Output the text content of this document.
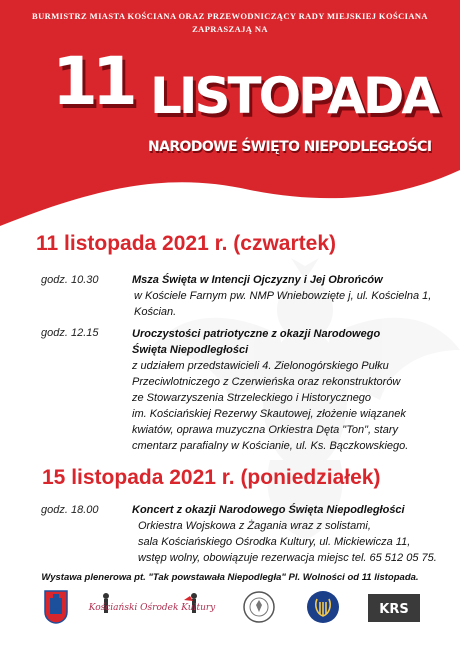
BURMISTRZ MIASTA KOŚCIANA ORAZ PRZEWODNICZĄCY RADY MIEJSKIEJ KOŚCIANA
ZAPRASZAJĄ NA
11 LISTOPADA
NARODOWE ŚWIĘTO NIEPODLEGŁOŚCI
11 listopada 2021 r. (czwartek)
godz. 10.30	Msza Święta w Intencji Ojczyzny i Jej Obrońców
w Kościele Farnym pw. NMP Wniebowzięte j, ul. Kościelna 1,
Kościan.
godz. 12.15	Uroczystości patriotyczne z okazji Narodowego
Święta Niepodległości
z udziałem przedstawicieli 4. Zielonogórskiego Pułku
Przeciwlotniczego z Czerwieńska oraz rekonstruktorów
ze Stowarzyszenia Strzeleckiego i Historycznego
im. Kościańskiej Rezerwy Skautowej, złożenie wiązanek
kwiatów, oprawa muzyczna Orkiestra Dęta "Ton", stary
cmentarz parafialny w Kościanie, ul. Ks. Bączkowskiego.
15 listopada 2021 r. (poniedziałek)
godz. 18.00	Koncert z okazji Narodowego Święta Niepodległości
Orkiestra Wojskowa z Żagania wraz z solistami,
sala Kościańskiego Ośrodka Kultury, ul. Mickiewicza 11,
wstęp wolny, obowiązuje rezerwacja miejsc tel. 65 512 05 75.
Wystawa plenerowa pt. "Tak powstawała Niepodległa" Pl. Wolności od 11 listopada.
Kościański Ośrodek Kultury	KRS
